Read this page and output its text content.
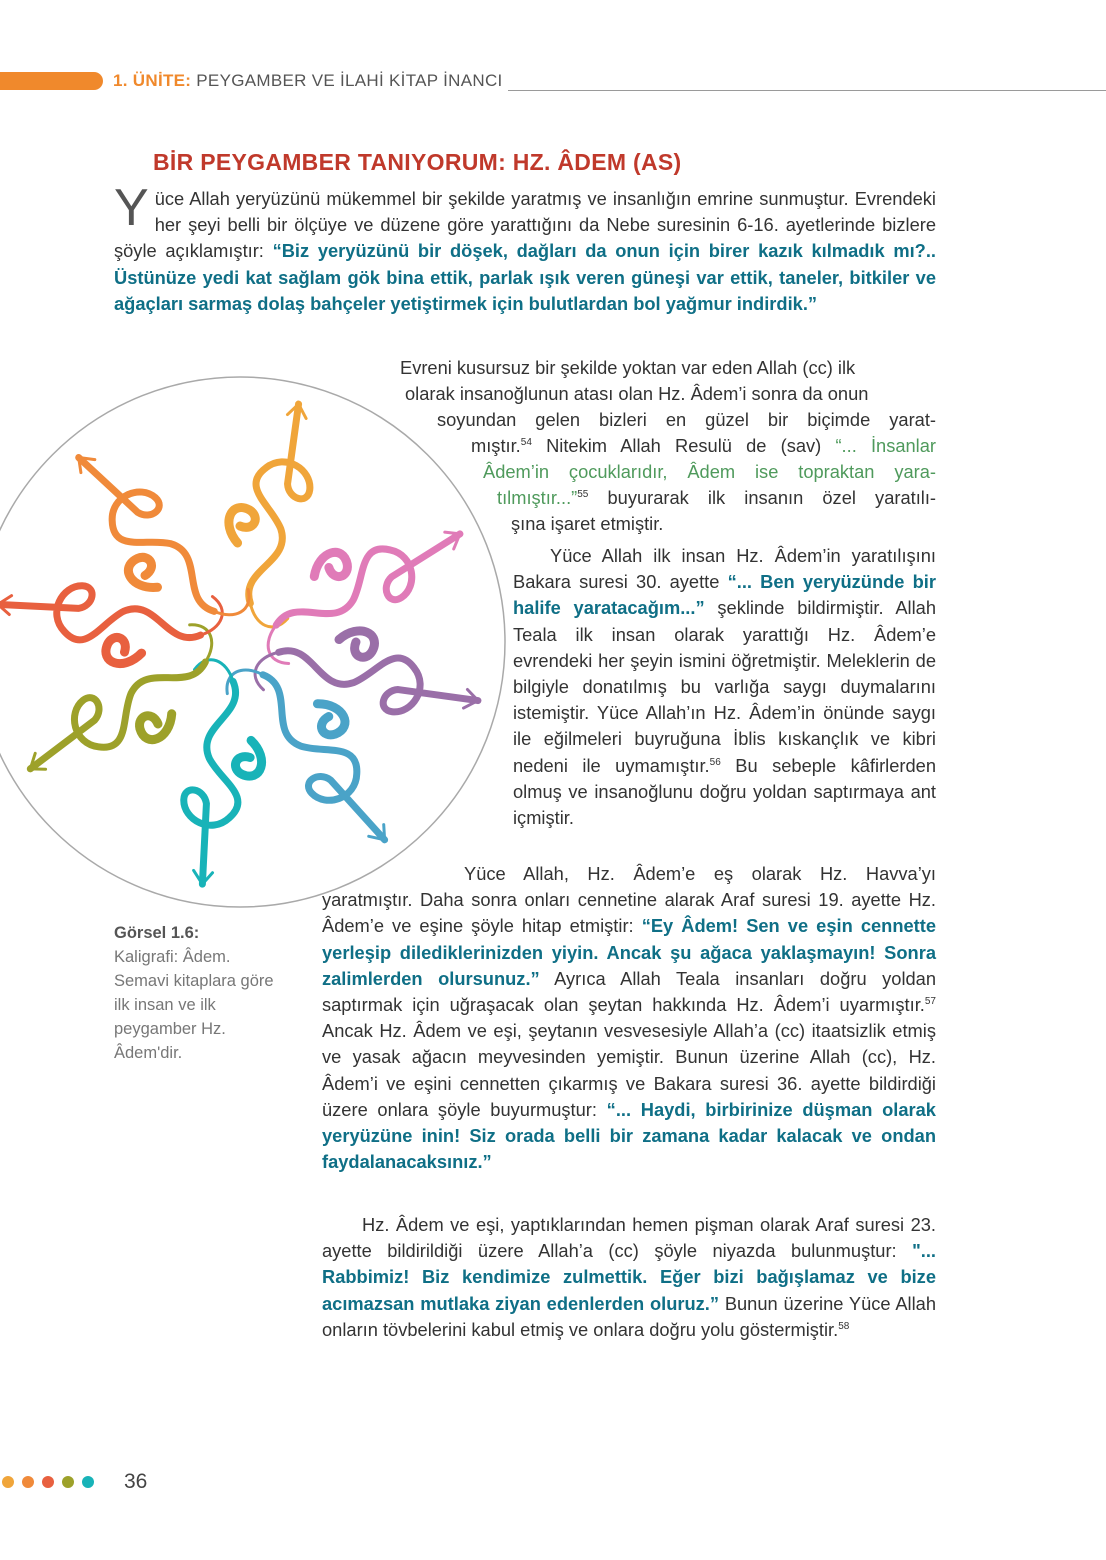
1. ÜNİTE: PEYGAMBER VE İLAHİ KİTAP İNANCI
BİR PEYGAMBER TANIYORUM: HZ. ÂDEM (AS)

Yüce Allah yeryüzünü mükemmel bir şekilde yaratmış ve insanlığın emrine sunmuştur. Evrendeki her şeyi belli bir ölçüye ve düzene göre yarattığını da Nebe suresinin 6-16. ayetlerinde bizlere şöyle açıklamıştır: “Biz yeryüzünü bir döşek, dağları da onun için birer kazık kılmadık mı?.. Üstünüze yedi kat sağlam gök bina ettik, parlak ışık veren güneşi var ettik, taneler, bitkiler ve ağaçları sarmaş dolaş bahçeler yetiştirmek için bulutlardan bol yağmur indirdik.”

Evreni kusursuz bir şekilde yoktan var eden Allah (cc) ilk

olarak insanoğlunun atası olan Hz. Âdem’i sonra da onun

soyundan gelen bizleri en güzel bir biçimde yarat-

mıştır.$^{54}$ Nitekim Allah Resulü de (sav) “... İnsanlar

Âdem’in çocuklarıdır, Âdem ise topraktan yara-

tılmıştır...”$^{55}$ buyurarak ilk insanın özel yaratılı-

şına işaret etmiştir.

Yüce Allah ilk insan Hz. Âdem’in yaratılışını Bakara suresi 30. ayette “... Ben yeryüzünde bir halife yaratacağım...” şeklinde bildirmiştir. Allah Teala ilk insan olarak yarattığı Hz. Âdem’e evrendeki her şeyin ismini öğretmiştir. Meleklerin de bilgiyle donatılmış bu varlığa saygı duymalarını istemiştir. Yüce Allah’ın Hz. Âdem’in önünde saygı ile eğilmeleri buyruğuna İblis kıskançlık ve kibri nedeni ile uymamıştır.$^{56}$ Bu sebeple kâfirlerden olmuş ve insanoğlunu doğru yoldan saptırmaya ant içmiştir.

Yüce Allah, Hz. Âdem’e eş olarak Hz. Havva’yı yaratmıştır. Daha sonra onları cennetine alarak Araf suresi 19. ayette Hz. Âdem’e ve eşine şöyle hitap etmiştir: “Ey Âdem! Sen ve eşin cennette yerleşip dilediklerinizden yiyin. Ancak şu ağaca yaklaşmayın! Sonra zalimlerden olursunuz.” Ayrıca Allah Teala insanları doğru yoldan saptırmak için uğraşacak olan şeytan hakkında Hz. Âdem’i uyarmıştır.$^{57}$ Ancak Hz. Âdem ve eşi, şeytanın vesvesesiyle Allah’a (cc) itaatsizlik etmiş ve yasak ağacın meyvesinden yemiştir. Bunun üzerine Allah (cc), Hz. Âdem’i ve eşini cennetten çıkarmış ve Bakara suresi 36. ayette bildirdiği üzere onlara şöyle buyurmuştur: “... Haydi, birbirinize düşman olarak yeryüzüne inin! Siz orada belli bir zamana kadar kalacak ve ondan faydalanacaksınız.”

Hz. Âdem ve eşi, yaptıklarından hemen pişman olarak Araf suresi 23. ayette bildirildiği üzere Allah’a (cc) şöyle niyazda bulunmuştur: "... Rabbimiz! Biz kendimize zulmettik. Eğer bizi bağışlamaz ve bize acımazsan mutlaka ziyan edenlerden oluruz.” Bunun üzerine Yüce Allah onların tövbelerini kabul etmiş ve onlara doğru yolu göstermiştir.$^{58}$

Görsel 1.6:
Kaligrafi: Âdem.
Semavi kitaplara göre ilk insan ve ilk peygamber Hz. Âdem'dir.
36
